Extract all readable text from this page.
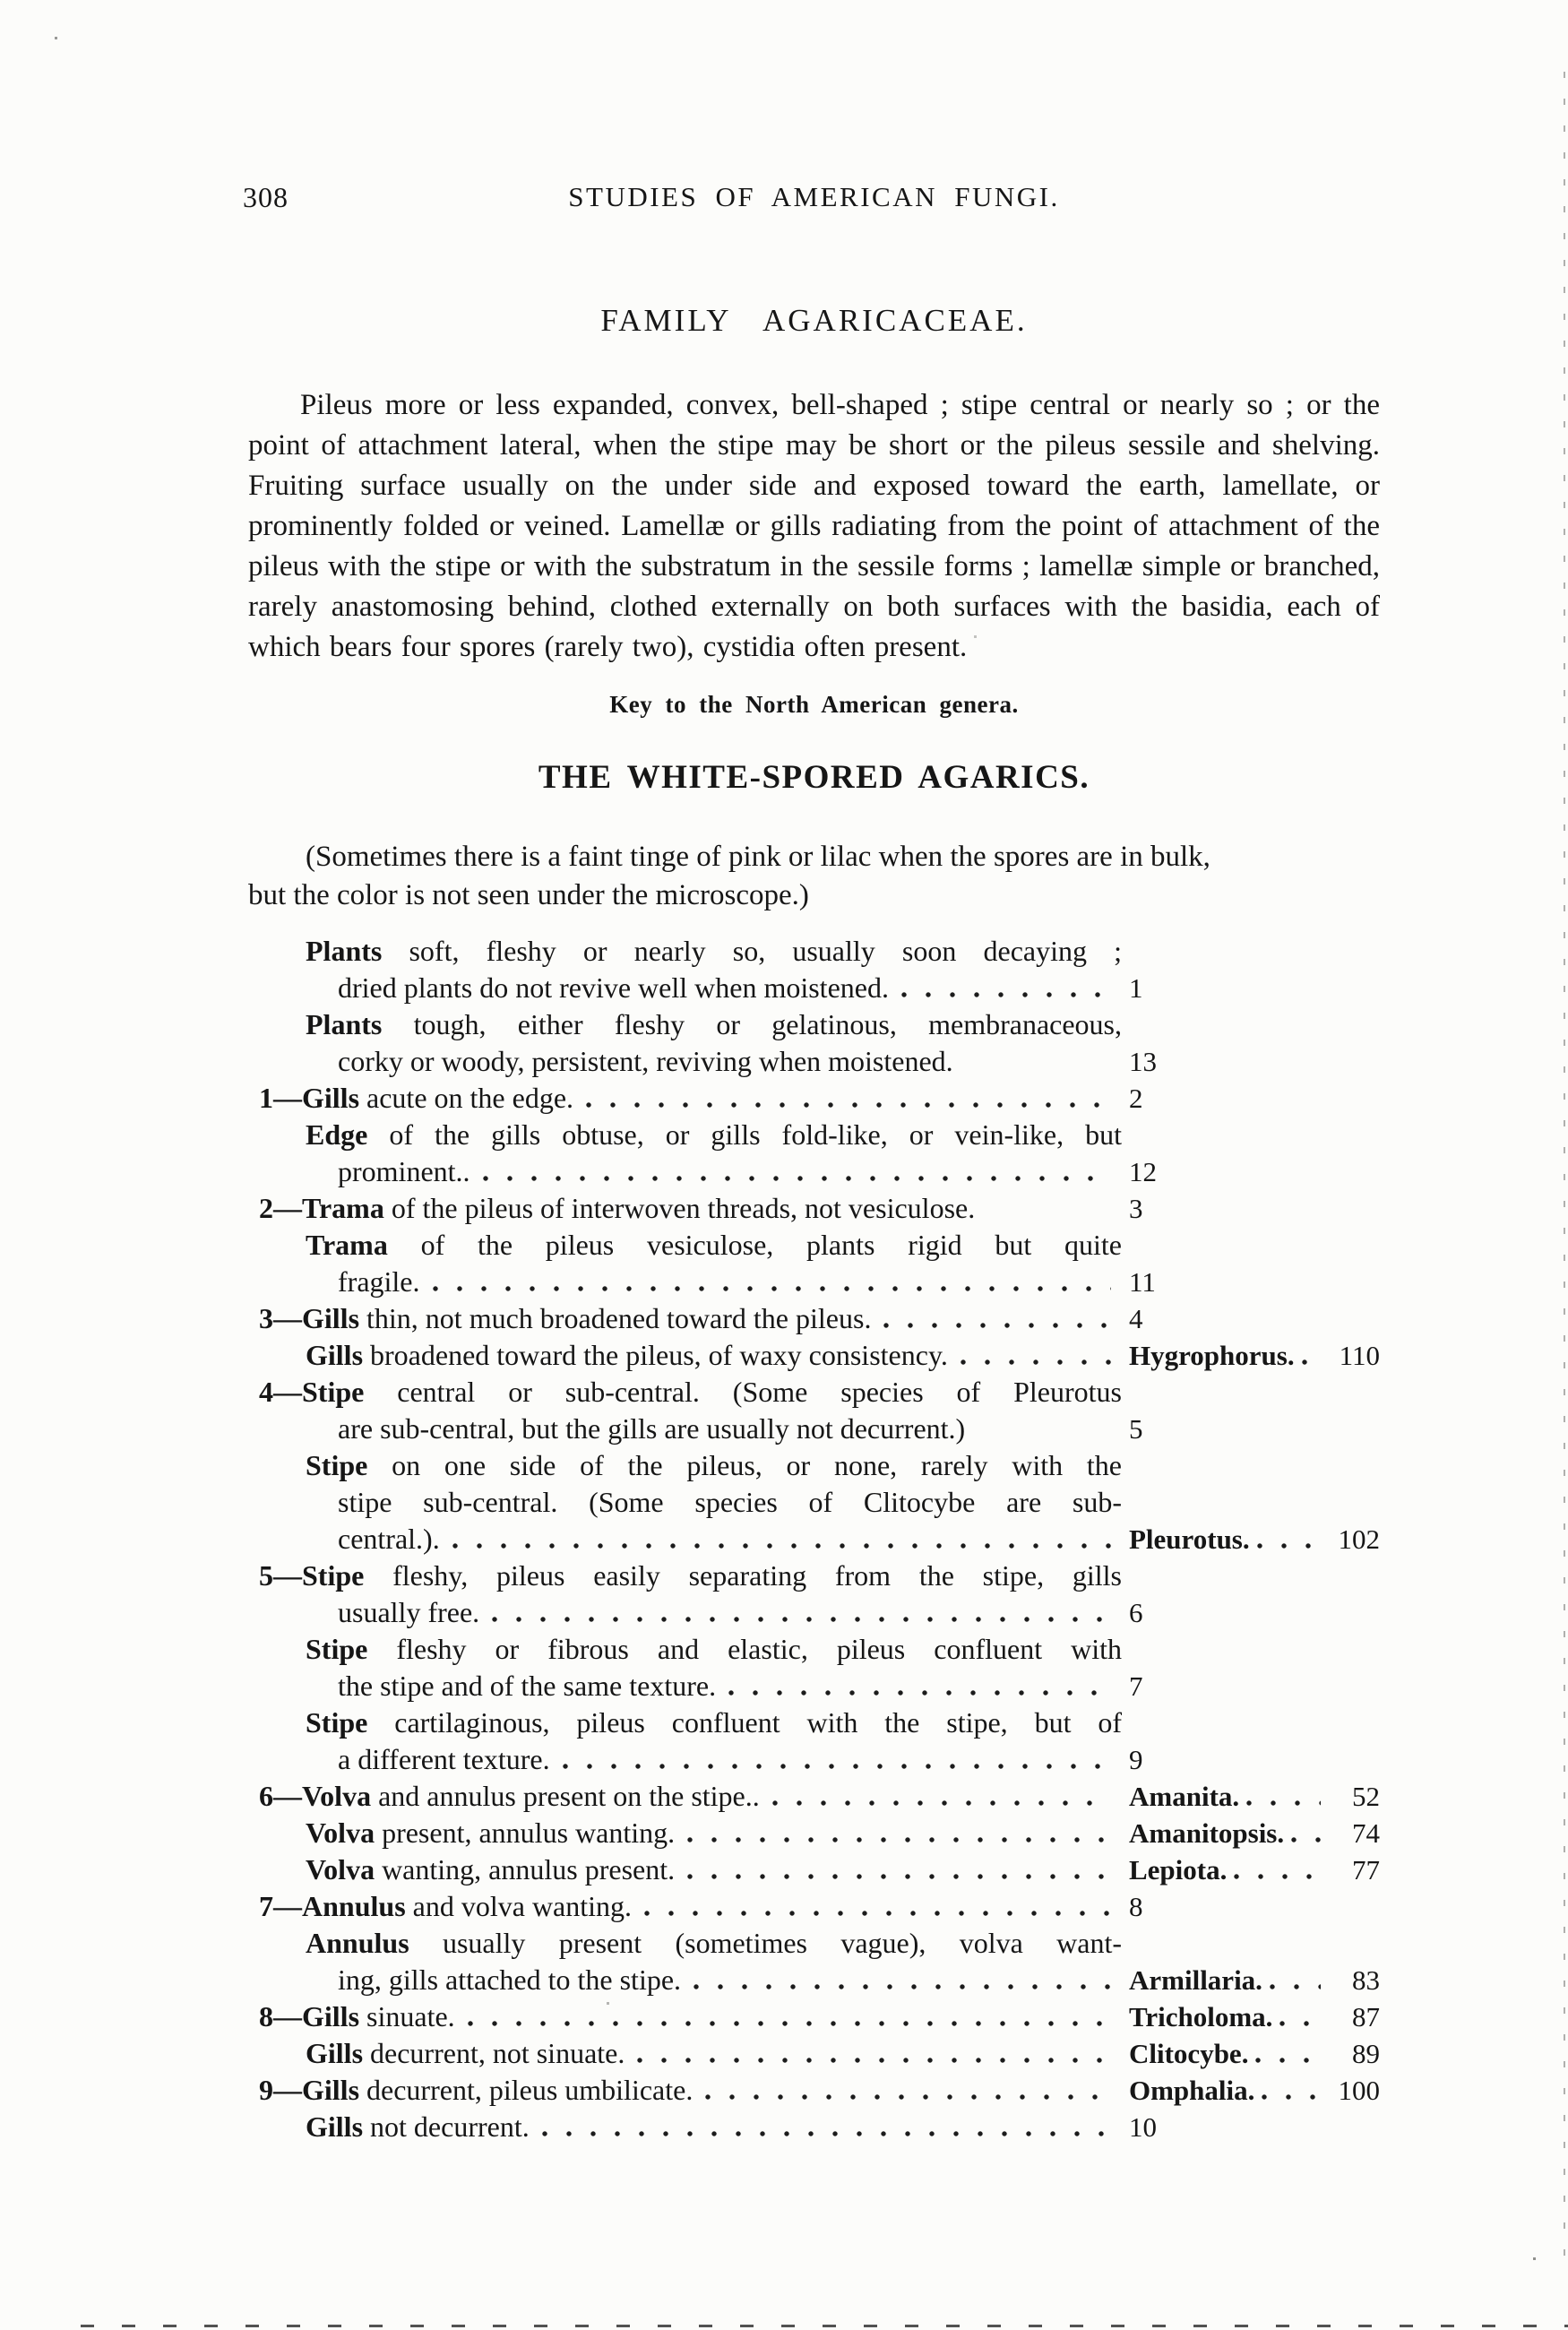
308	STUDIES OF AMERICAN FUNGI.
FAMILY AGARICACEAE.

Pileus more or less expanded, convex, bell-shaped ; stipe central or nearly so ; or the point of attachment lateral, when the stipe may be short or the pileus sessile and shelving. Fruiting surface usually on the under side and exposed toward the earth, lamellate, or prominently folded or veined. Lamellæ or gills radiating from the point of attachment of the pileus with the stipe or with the substratum in the sessile forms ; lamellæ simple or branched, rarely anastomosing behind, clothed externally on both surfaces with the basidia, each of which bears four spores (rarely two), cystidia often present.

Key to the North American genera.
THE WHITE-SPORED AGARICS.

(Sometimes there is a faint tinge of pink or lilac when the spores are in bulk,
but the color is not seen under the microscope.)

Plants soft, fleshy or nearly so, usually soon decaying ;
dried plants do not revive well when moistened.	1
Plants tough, either fleshy or gelatinous, membranaceous,
corky or woody, persistent, reviving when moistened.	13
1—Gills acute on the edge.	2
Edge of the gills obtuse, or gills fold-like, or vein-like, but
prominent..	12
2—Trama of the pileus of interwoven threads, not vesiculose.	3
Trama of the pileus vesiculose, plants rigid but quite
fragile.	11
3—Gills thin, not much broadened toward the pileus.	4
Gills broadened toward the pileus, of waxy consistency.	Hygrophorus.	110
4—Stipe central or sub-central. (Some species of Pleurotus
are sub-central, but the gills are usually not decurrent.)	5
Stipe on one side of the pileus, or none, rarely with the
stipe sub-central. (Some species of Clitocybe are sub-
central.).	Pleurotus.	102
5—Stipe fleshy, pileus easily separating from the stipe, gills
usually free.	6
Stipe fleshy or fibrous and elastic, pileus confluent with
the stipe and of the same texture.	7
Stipe cartilaginous, pileus confluent with the stipe, but of
a different texture.	9
6—Volva and annulus present on the stipe..	Amanita.	52
Volva present, annulus wanting.	Amanitopsis.	74
Volva wanting, annulus present.	Lepiota.	77
7—Annulus and volva wanting.	8
Annulus usually present (sometimes vague), volva want-
ing, gills attached to the stipe.	Armillaria.	83
8—Gills sinuate.	Tricholoma.	87
Gills decurrent, not sinuate.	Clitocybe.	89
9—Gills decurrent, pileus umbilicate.	Omphalia.	100
Gills not decurrent.	10
